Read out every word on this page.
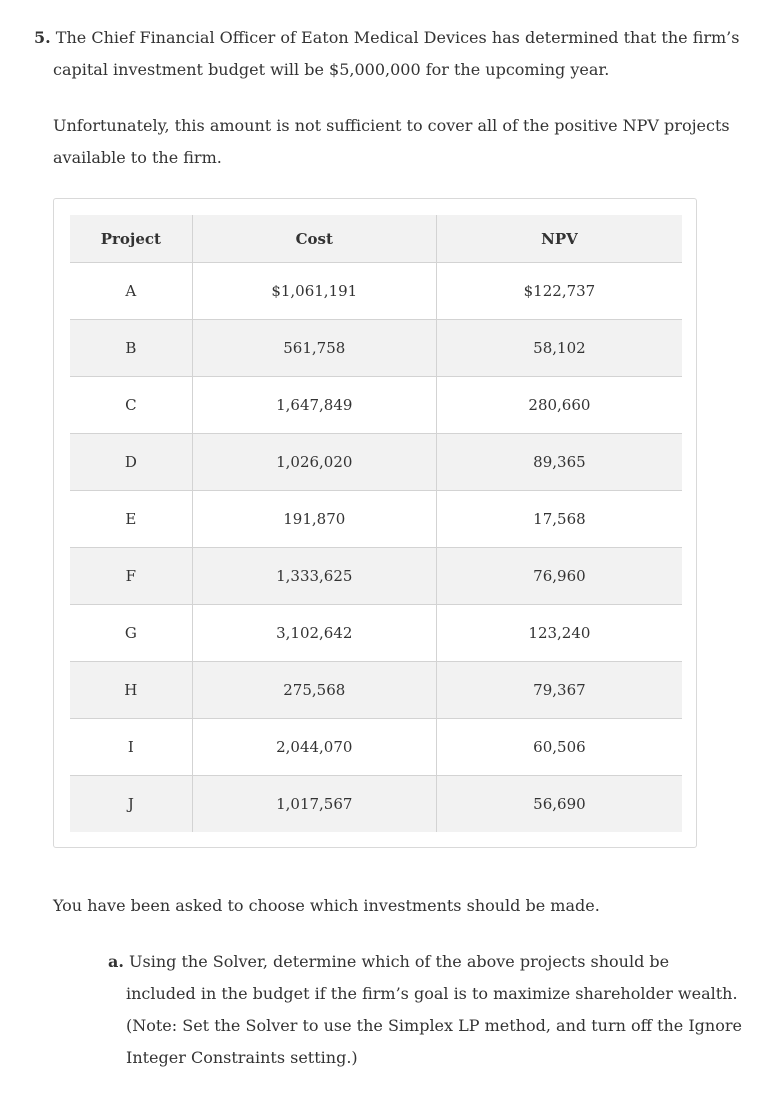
5. The Chief Financial Officer of Eaton Medical Devices has determined that the firm’s
capital investment budget will be $5,000,000 for the upcoming year.
Unfortunately, this amount is not sufficient to cover all of the positive NPV projects
available to the firm.
Project	Cost	NPV
A	$1,061,191	$122,737
B	561,758	58,102
C	1,647,849	280,660
D	1,026,020	89,365
E	191,870	17,568
F	1,333,625	76,960
G	3,102,642	123,240
H	275,568	79,367
I	2,044,070	60,506
J	1,017,567	56,690
You have been asked to choose which investments should be made.
a. Using the Solver, determine which of the above projects should be
included in the budget if the firm’s goal is to maximize shareholder wealth.
(Note: Set the Solver to use the Simplex LP method, and turn off the Ignore
Integer Constraints setting.)
